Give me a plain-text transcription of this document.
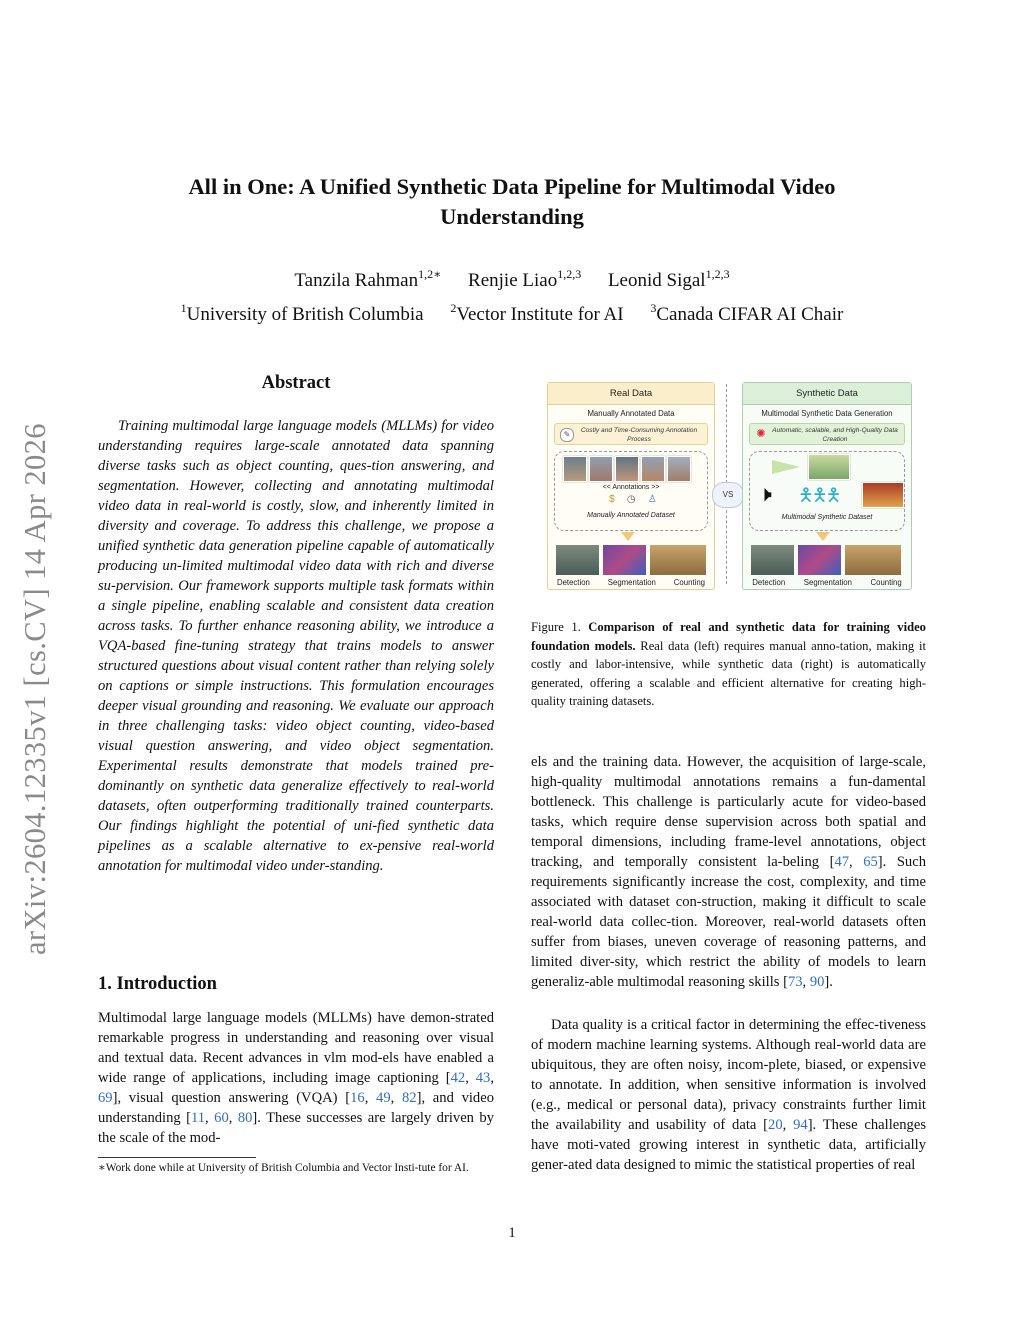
arXiv:2604.12335v1 [cs.CV] 14 Apr 2026
All in One: A Unified Synthetic Data Pipeline for Multimodal Video
Understanding
Tanzila Rahman$^{1,2∗}$ Renjie Liao$^{1,2,3}$ Leonid Sigal$^{1,2,3}$
$^1$University of British Columbia $^2$Vector Institute for AI $^3$Canada CIFAR AI Chair
Abstract
Training multimodal large language models (MLLMs) for video understanding requires large-scale annotated data spanning diverse tasks such as object counting, ques-tion answering, and segmentation. However, collecting and annotating multimodal video data in real-world is costly, slow, and inherently limited in diversity and coverage. To address this challenge, we propose a unified synthetic data generation pipeline capable of automatically producing un-limited multimodal video data with rich and diverse su-pervision. Our framework supports multiple task formats within a single pipeline, enabling scalable and consistent data creation across tasks. To further enhance reasoning ability, we introduce a VQA-based fine-tuning strategy that trains models to answer structured questions about visual content rather than relying solely on captions or simple instructions. This formulation encourages deeper visual grounding and reasoning. We evaluate our approach in three challenging tasks: video object counting, video-based visual question answering, and video object segmentation. Experimental results demonstrate that models trained pre-dominantly on synthetic data generalize effectively to real-world datasets, often outperforming traditionally trained counterparts. Our findings highlight the potential of uni-fied synthetic data pipelines as a scalable alternative to ex-pensive real-world annotation for multimodal video under-standing.
1. Introduction
Multimodal large language models (MLLMs) have demon-strated remarkable progress in understanding and reasoning over visual and textual data. Recent advances in vlm mod-els have enabled a wide range of applications, including image captioning [42, 43, 69], visual question answering (VQA) [16, 49, 82], and video understanding [11, 60, 80]. These successes are largely driven by the scale of the mod-
∗Work done while at University of British Columbia and Vector Insti-tute for AI.
Real Data
Manually Annotated Data
✎	Costly and Time-Consuming Annotation Process
<< Annotations >>
$ ◷ ♙
Manually Annotated Dataset
Detection Segmentation Counting
VS
Synthetic Data
Multimodal Synthetic Data Generation
✺ Automatic, scalable, and High-Quality Data Creation
🕨 🯅🯅🯅
Multimodal Synthetic Dataset
Detection Segmentation Counting
Figure 1. Comparison of real and synthetic data for training video foundation models. Real data (left) requires manual anno-tation, making it costly and labor-intensive, while synthetic data (right) is automatically generated, offering a scalable and efficient alternative for creating high-quality training datasets.
els and the training data. However, the acquisition of large-scale, high-quality multimodal annotations remains a fun-damental bottleneck. This challenge is particularly acute for video-based tasks, which require dense supervision across both spatial and temporal dimensions, including frame-level annotations, object tracking, and temporally consistent la-beling [47, 65]. Such requirements significantly increase the cost, complexity, and time associated with dataset con-struction, making it difficult to scale real-world data collec-tion. Moreover, real-world datasets often suffer from biases, uneven coverage of reasoning patterns, and limited diver-sity, which restrict the ability of models to learn generaliz-able multimodal reasoning skills [73, 90].
Data quality is a critical factor in determining the effec-tiveness of modern machine learning systems. Although real-world data are ubiquitous, they are often noisy, incom-plete, biased, or expensive to annotate. In addition, when sensitive information is involved (e.g., medical or personal data), privacy constraints further limit the availability and usability of data [20, 94]. These challenges have moti-vated growing interest in synthetic data, artificially gener-ated data designed to mimic the statistical properties of real
1
